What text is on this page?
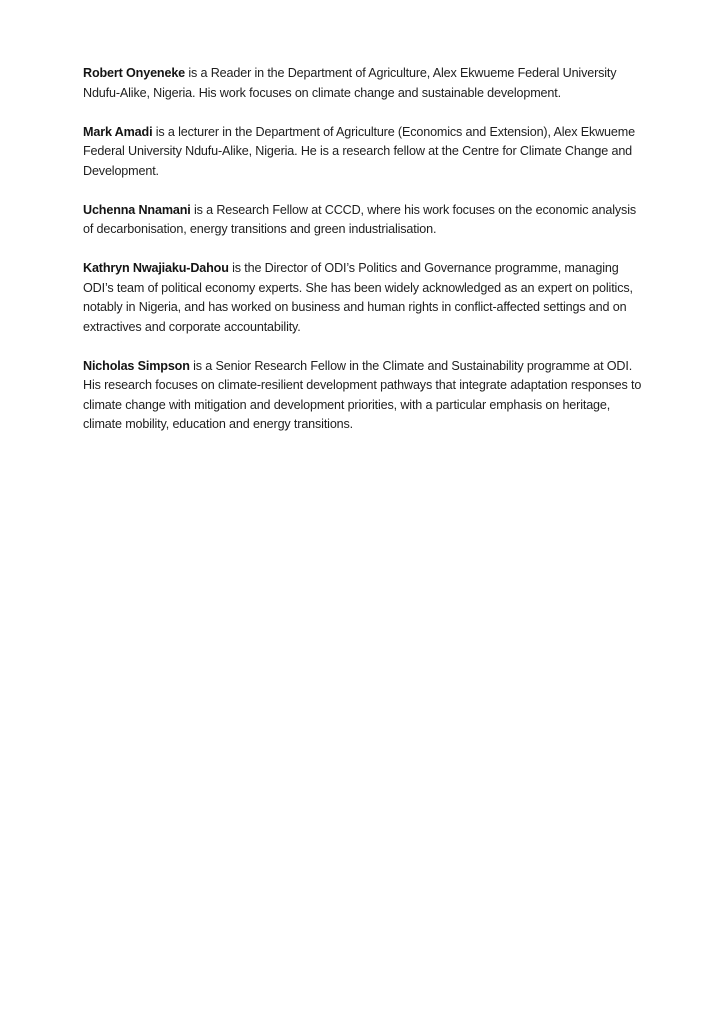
Robert Onyeneke is a Reader in the Department of Agriculture, Alex Ekwueme Federal University Ndufu-Alike, Nigeria. His work focuses on climate change and sustainable development.

Mark Amadi is a lecturer in the Department of Agriculture (Economics and Extension), Alex Ekwueme Federal University Ndufu-Alike, Nigeria. He is a research fellow at the Centre for Climate Change and Development.

Uchenna Nnamani is a Research Fellow at CCCD, where his work focuses on the economic analysis of decarbonisation, energy transitions and green industrialisation.

Kathryn Nwajiaku-Dahou is the Director of ODI’s Politics and Governance programme, managing ODI’s team of political economy experts. She has been widely acknowledged as an expert on politics, notably in Nigeria, and has worked on business and human rights in conflict-affected settings and on extractives and corporate accountability.

Nicholas Simpson is a Senior Research Fellow in the Climate and Sustainability programme at ODI. His research focuses on climate-resilient development pathways that integrate adaptation responses to climate change with mitigation and development priorities, with a particular emphasis on heritage, climate mobility, education and energy transitions.
